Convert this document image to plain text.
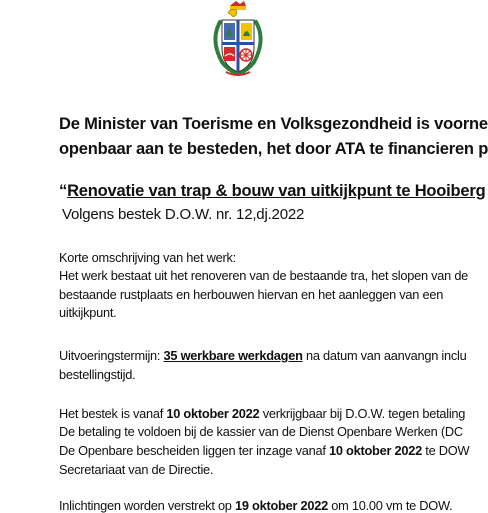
De Minister van Toerisme en Volksgezondheid is voorne
openbaar aan te besteden, het door ATA te financieren p
“Renovatie van trap & bouw van uitkijkpunt te Hooiberg
Volgens bestek D.O.W. nr. 12,dj.2022
Korte omschrijving van het werk:
Het werk bestaat uit het renoveren van de bestaande tra, het slopen van de
bestaande rustplaats en herbouwen hiervan en het aanleggen van een
uitkijkpunt.
Uitvoeringstermijn: 35 werkbare werkdagen na datum van aanvangn inclu
bestellingstijd.
Het bestek is vanaf 10 oktober 2022 verkrijgbaar bij D.O.W. tegen betaling
De betaling te voldoen bij de kassier van de Dienst Openbare Werken (DC
De Openbare bescheiden liggen ter inzage vanaf 10 oktober 2022 te DOW
Secretariaat van de Directie.
Inlichtingen worden verstrekt op 19 oktober 2022 om 10.00 vm te DOW.
